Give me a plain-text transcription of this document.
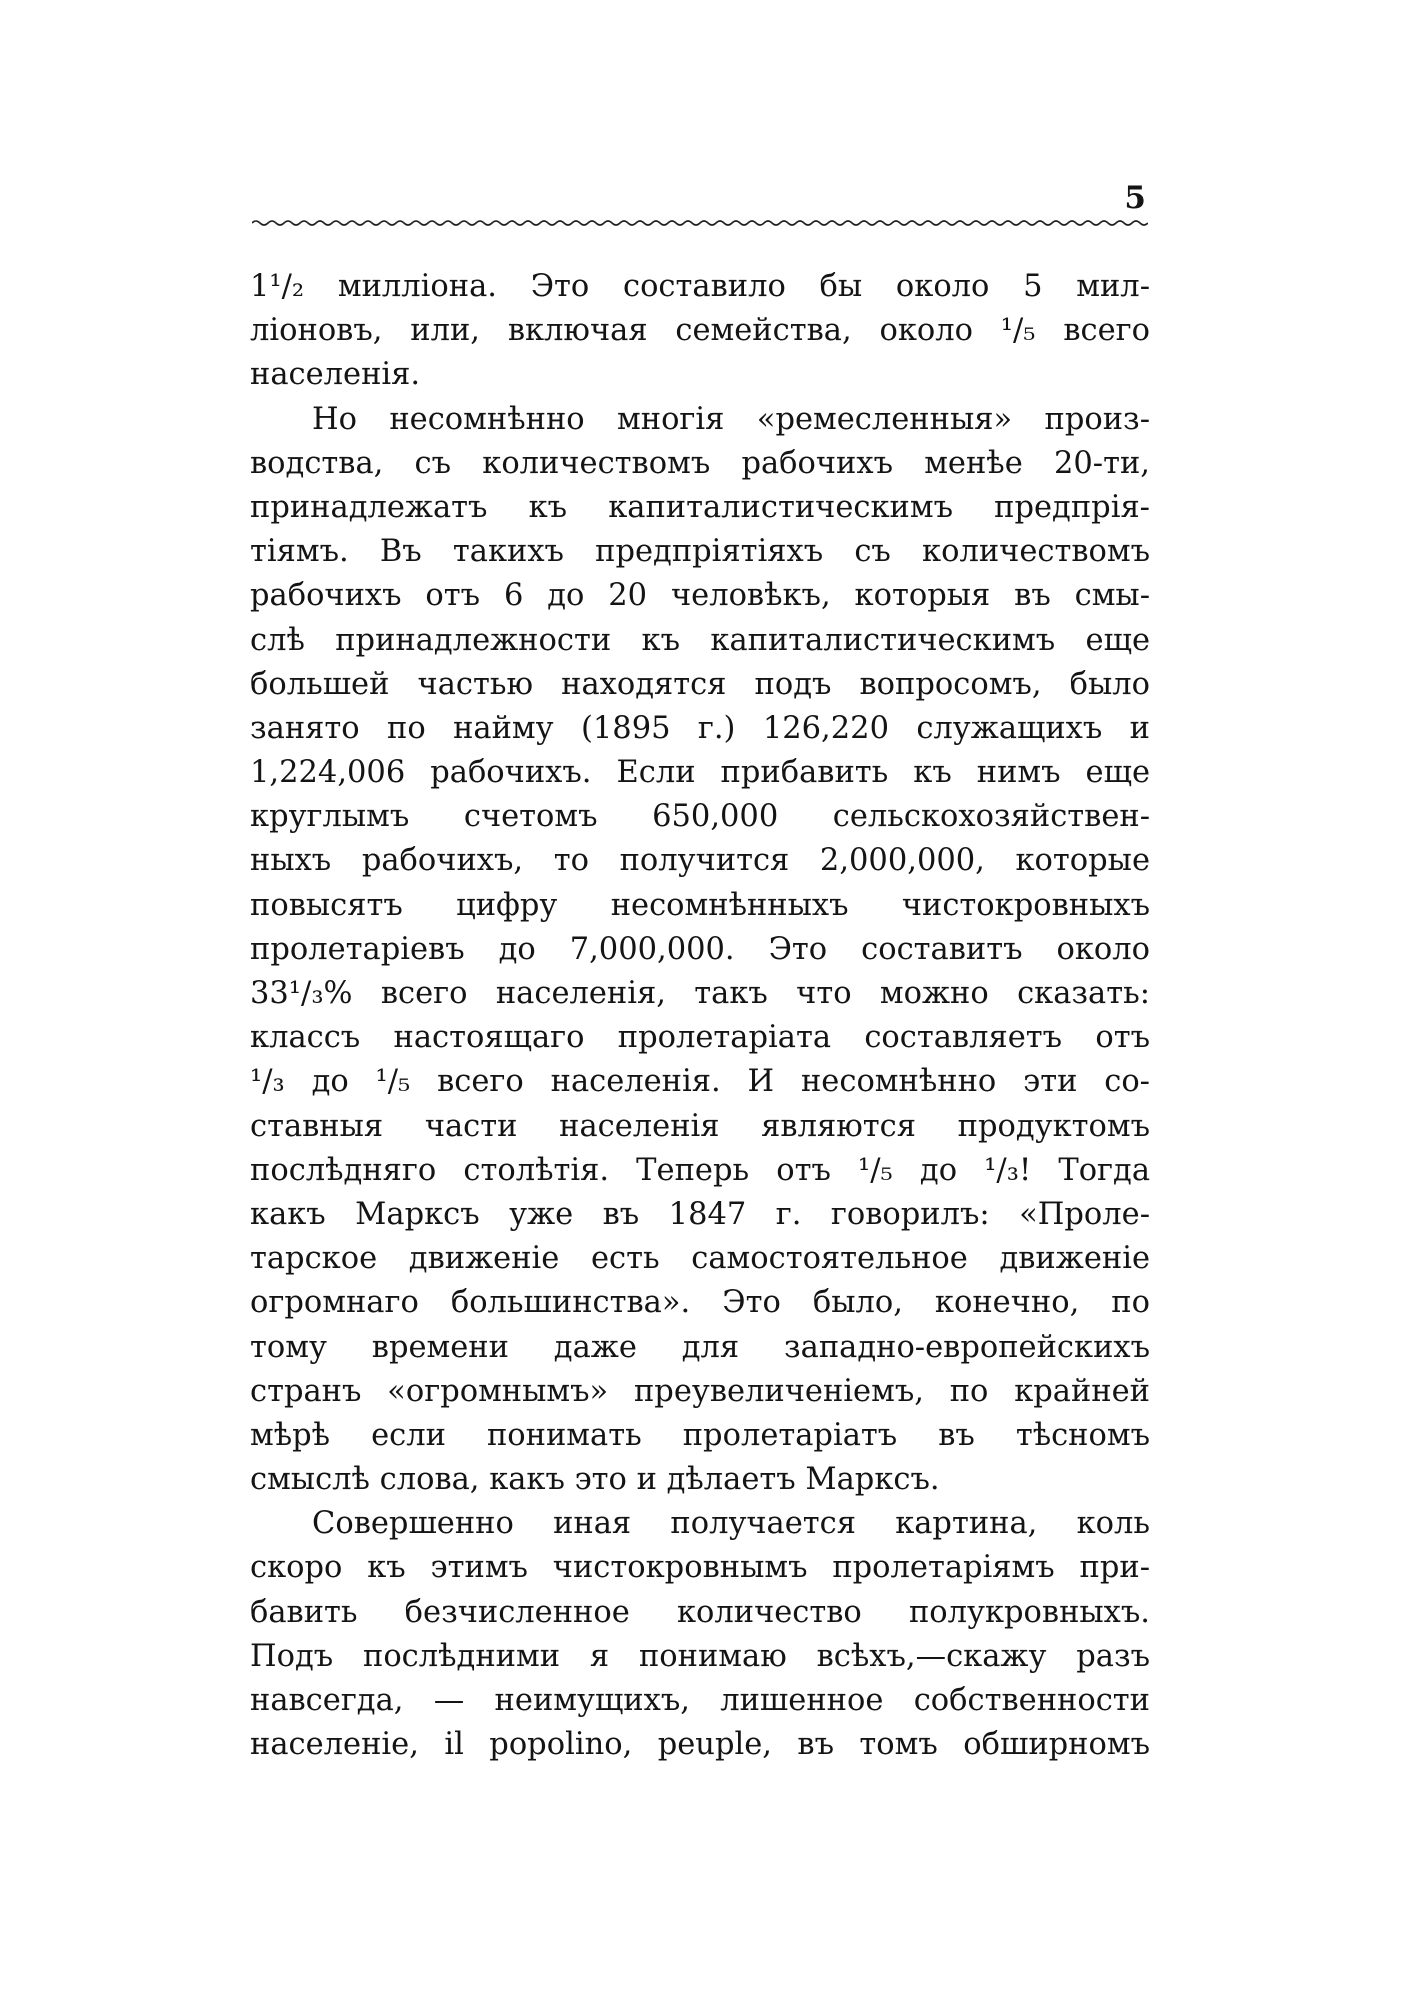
5
1¹/₂ милліона. Это составило бы около 5 мил-
ліоновъ, или, включая семейства, около ¹/₅ всего
населенія.
Но несомнѣнно многія «ремесленныя» произ-
водства, съ количествомъ рабочихъ менѣе 20-ти,
принадлежатъ къ капиталистическимъ предпрія-
тіямъ. Въ такихъ предпріятіяхъ съ количествомъ
рабочихъ отъ 6 до 20 человѣкъ, которыя въ смы-
слѣ принадлежности къ капиталистическимъ еще
большей частью находятся подъ вопросомъ, было
занято по найму (1895 г.) 126,220 служащихъ и
1,224,006 рабочихъ. Если прибавить къ нимъ еще
круглымъ счетомъ 650,000 сельскохозяйствен-
ныхъ рабочихъ, то получится 2,000,000, которые
повысятъ цифру несомнѣнныхъ чистокровныхъ
пролетаріевъ до 7,000,000. Это составитъ около
33¹/₃% всего населенія, такъ что можно сказать:
классъ настоящаго пролетаріата составляетъ отъ
¹/₃ до ¹/₅ всего населенія. И несомнѣнно эти со-
ставныя части населенія являются продуктомъ
послѣдняго столѣтія. Теперь отъ ¹/₅ до ¹/₃! Тогда
какъ Марксъ уже въ 1847 г. говорилъ: «Проле-
тарское движеніе есть самостоятельное движеніе
огромнаго большинства». Это было, конечно, по
тому времени даже для западно-европейскихъ
странъ «огромнымъ» преувеличеніемъ, по крайней
мѣрѣ если понимать пролетаріатъ въ тѣсномъ
смыслѣ слова, какъ это и дѣлаетъ Марксъ.
Совершенно иная получается картина, коль
скоро къ этимъ чистокровнымъ пролетаріямъ при-
бавить безчисленное количество полукровныхъ.
Подъ послѣдними я понимаю всѣхъ,—скажу разъ
навсегда, — неимущихъ, лишенное собственности
населеніе, il popolino, peuple, въ томъ обширномъ
